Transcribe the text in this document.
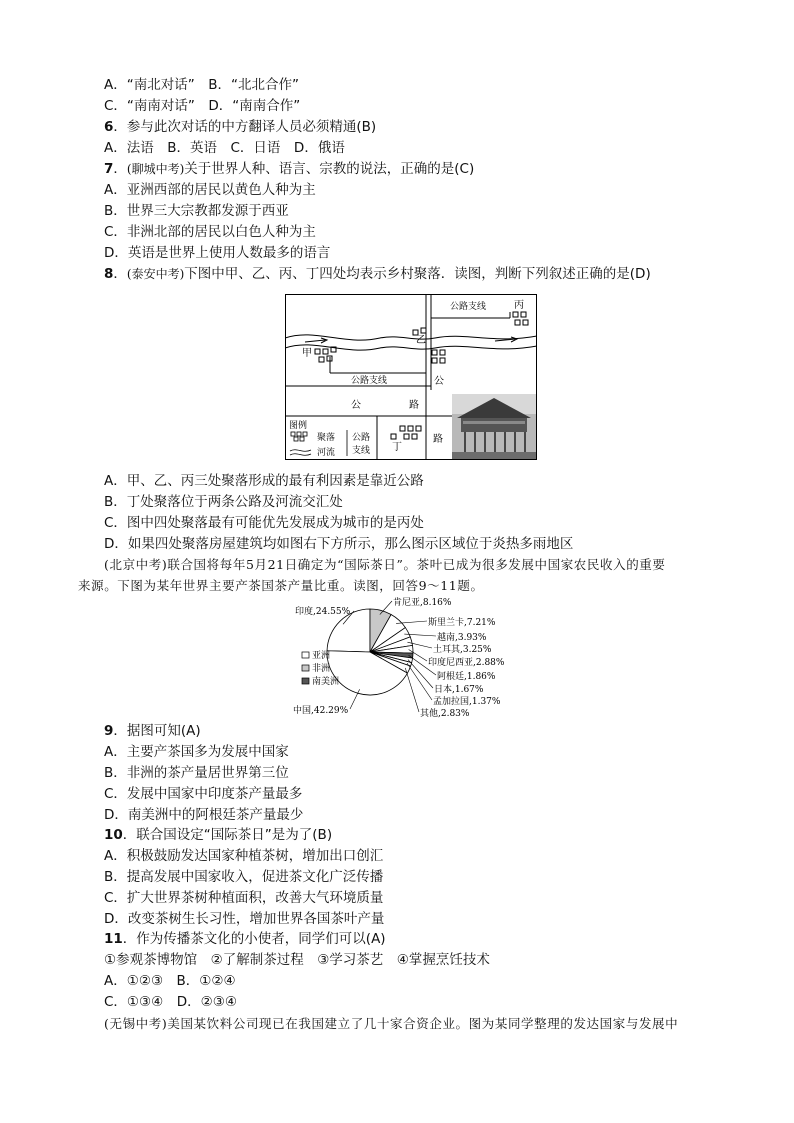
A．“南北对话”　B．“北北合作”
C．“南南对话”　D．“南南合作”
6．参与此次对话的中方翻译人员必须精通(B)
A．法语　B．英语　C．日语　D．俄语
7．(聊城中考)关于世界人种、语言、宗教的说法，正确的是(C)
A．亚洲西部的居民以黄色人种为主
B．世界三大宗教都发源于西亚
C．非洲北部的居民以白色人种为主
D．英语是世界上使用人数最多的语言
8．(泰安中考)下图中甲、乙、丙、丁四处均表示乡村聚落．读图，判断下列叙述正确的是(D)
甲
乙
丙
丁
公路支线
公路支线	公
公	路
路
图例
聚落
河流
公路
支线
A．甲、乙、丙三处聚落形成的最有利因素是靠近公路
B．丁处聚落位于两条公路及河流交汇处
C．图中四处聚落最有可能优先发展成为城市的是丙处
D．如果四处聚落房屋建筑均如图右下方所示，那么图示区域位于炎热多雨地区
(北京中考)联合国将每年5月21日确定为“国际茶日”。茶叶已成为很多发展中国家农民收入的重要
来源。下图为某年世界主要产茶国茶产量比重。读图，回答9～11题。
中国,42.29%
印度,24.55%
肯尼亚,8.16%
斯里兰卡,7.21%
越南,3.93%
土耳其,3.25%
印度尼西亚,2.88%
阿根廷,1.86%
日本,1.67%
孟加拉国,1.37%
其他,2.83%
亚洲
非洲
南美洲
9．据图可知(A)
A．主要产茶国多为发展中国家
B．非洲的茶产量居世界第三位
C．发展中国家中印度茶产量最多
D．南美洲中的阿根廷茶产量最少
10．联合国设定“国际茶日”是为了(B)
A．积极鼓励发达国家种植茶树，增加出口创汇
B．提高发展中国家收入，促进茶文化广泛传播
C．扩大世界茶树种植面积，改善大气环境质量
D．改变茶树生长习性，增加世界各国茶叶产量
11．作为传播茶文化的小使者，同学们可以(A)
①参观茶博物馆　②了解制茶过程　③学习茶艺　④掌握烹饪技术
A．①②③　B．①②④
C．①③④　D．②③④
(无锡中考)美国某饮料公司现已在我国建立了几十家合资企业。图为某同学整理的发达国家与发展中
